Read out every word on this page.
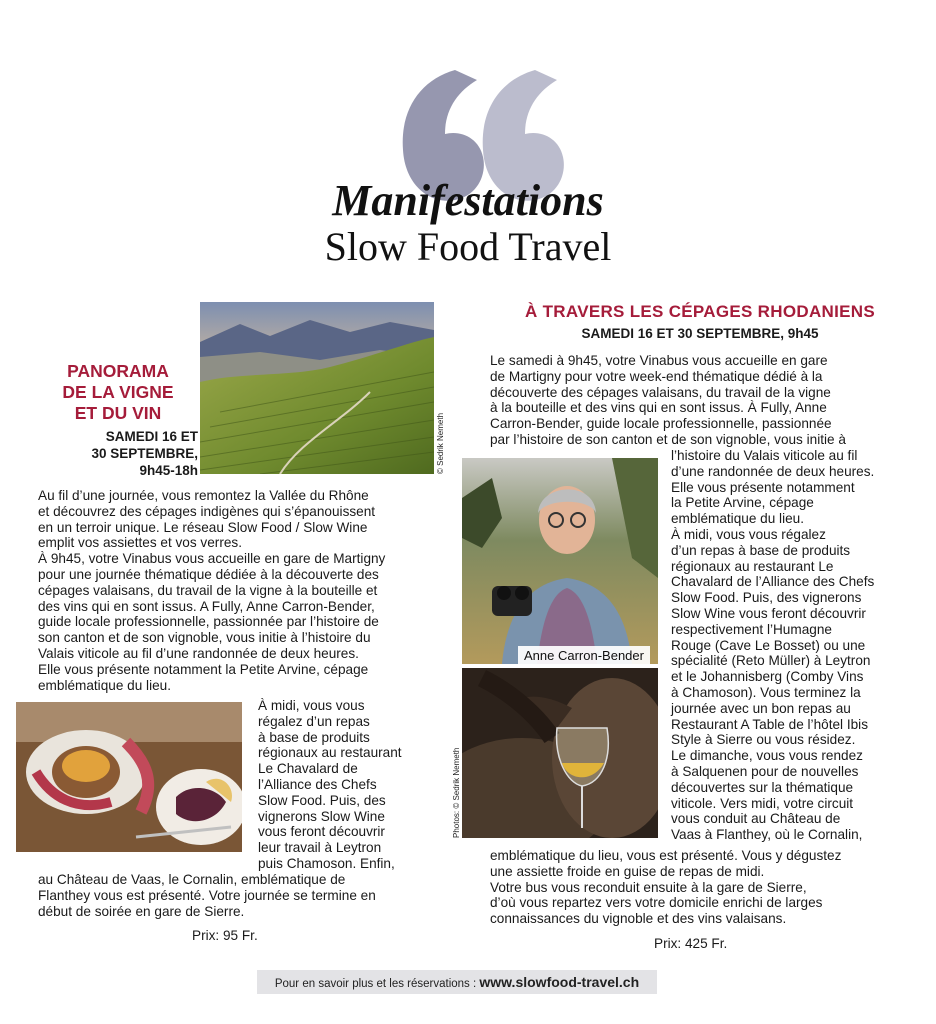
Manifestations
Slow Food Travel
PANORAMA
DE LA VIGNE
ET DU VIN
SAMEDI 16 ET
30 SEPTEMBRE,
9h45-18h	© Sedrik Nemeth

Au fil d’une journée, vous remontez la Vallée du Rhône

et découvrez des cépages indigènes qui s’épanouissent

en un terroir unique. Le réseau Slow Food / Slow Wine

emplit vos assiettes et vos verres.

À 9h45, votre Vinabus vous accueille en gare de Martigny

pour une journée thématique dédiée à la découverte des

cépages valaisans, du travail de la vigne à la bouteille et

des vins qui en sont issus. A Fully, Anne Carron-Bender,

guide locale professionnelle, passionnée par l’histoire de

son canton et de son vignoble, vous initie à l’histoire du

Valais viticole au fil d’une randonnée de deux heures.

Elle vous présente notamment la Petite Arvine, cépage

emblématique du lieu.

À midi, vous vous

régalez d’un repas

à base de produits

régionaux au restaurant

Le Chavalard de

l’Alliance des Chefs

Slow Food. Puis, des

vignerons Slow Wine

vous feront découvrir

leur travail à Leytron

puis Chamoson. Enfin,

au Château de Vaas, le Cornalin, emblématique de

Flanthey vous est présenté. Votre journée se termine en

début de soirée en gare de Sierre.

Prix: 95 Fr.
À TRAVERS LES CÉPAGES RHODANIENS
SAMEDI 16 ET 30 SEPTEMBRE, 9h45

Le samedi à 9h45, votre Vinabus vous accueille en gare

de Martigny pour votre week-end thématique dédié à la

découverte des cépages valaisans, du travail de la vigne

à la bouteille et des vins qui en sont issus. À Fully, Anne

Carron-Bender, guide locale professionnelle, passionnée

par l’histoire de son canton et de son vignoble, vous initie à

Anne Carron-Bender
Photos: © Sedrik Nemeth

l’histoire du Valais viticole au fil

d’une randonnée de deux heures.

Elle vous présente notamment

la Petite Arvine, cépage

emblématique du lieu.

À midi, vous vous régalez

d’un repas à base de produits

régionaux au restaurant Le

Chavalard de l’Alliance des Chefs

Slow Food. Puis, des vignerons

Slow Wine vous feront découvrir

respectivement l’Humagne

Rouge (Cave Le Bosset) ou une

spécialité (Reto Müller) à Leytron

et le Johannisberg (Comby Vins

à Chamoson). Vous terminez la

journée avec un bon repas au

Restaurant A Table de l’hôtel Ibis

Style à Sierre ou vous résidez.

Le dimanche, vous vous rendez

à Salquenen pour de nouvelles

découvertes sur la thématique

viticole. Vers midi, votre circuit

vous conduit au Château de

Vaas à Flanthey, où le Cornalin,

emblématique du lieu, vous est présenté. Vous y dégustez

une assiette froide en guise de repas de midi.

Votre bus vous reconduit ensuite à la gare de Sierre,

d’où vous repartez vers votre domicile enrichi de larges

connaissances du vignoble et des vins valaisans.

Prix: 425 Fr.
Pour en savoir plus et les réservations : www.slowfood-travel.ch
